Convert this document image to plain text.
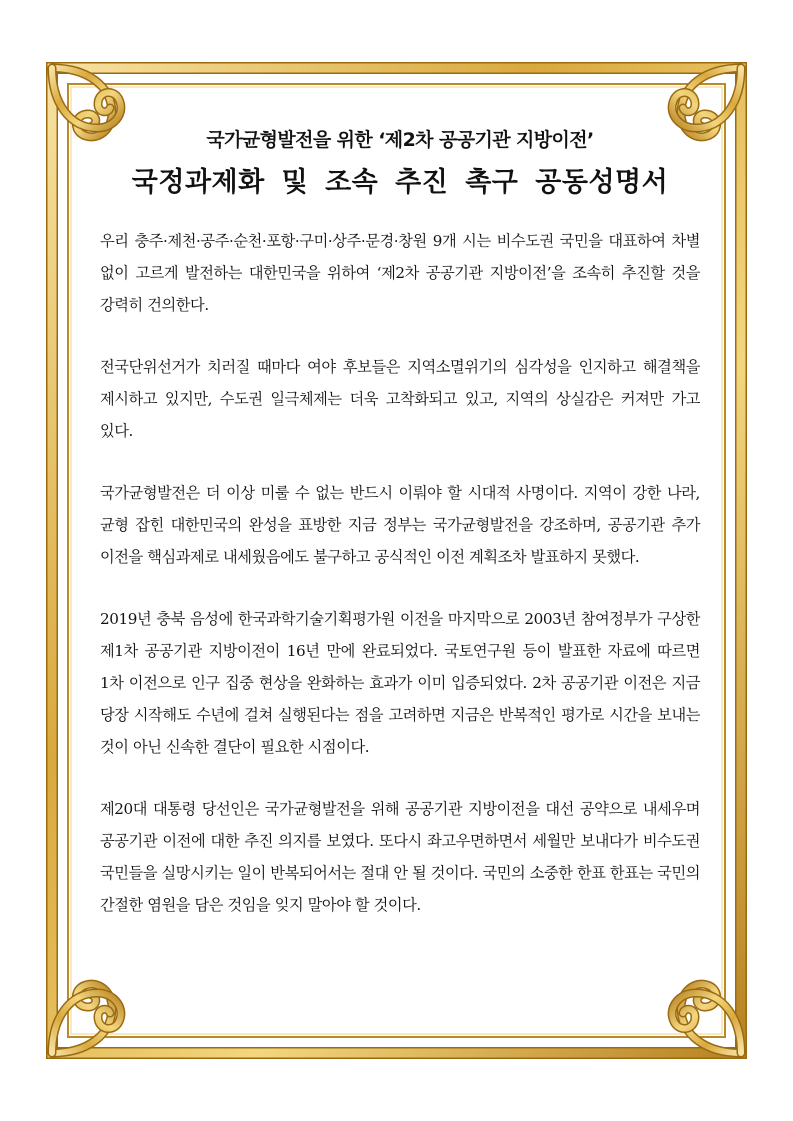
국가균형발전을 위한 ‘제2차 공공기관 지방이전’
국정과제화 및 조속 추진 촉구 공동성명서

우리 충주·제천·공주·순천·포항·구미·상주·문경·창원 9개 시는 비수도권 국민을 대표하여 차별 없이 고르게 발전하는 대한민국을 위하여 ‘제2차 공공기관 지방이전’을 조속히 추진할 것을 강력히 건의한다.

전국단위선거가 치러질 때마다 여야 후보들은 지역소멸위기의 심각성을 인지하고 해결책을 제시하고 있지만, 수도권 일극체제는 더욱 고착화되고 있고, 지역의 상실감은 커져만 가고 있다.

국가균형발전은 더 이상 미룰 수 없는 반드시 이뤄야 할 시대적 사명이다. 지역이 강한 나라, 균형 잡힌 대한민국의 완성을 표방한 지금 정부는 국가균형발전을 강조하며, 공공기관 추가 이전을 핵심과제로 내세웠음에도 불구하고 공식적인 이전 계획조차 발표하지 못했다.

2019년 충북 음성에 한국과학기술기획평가원 이전을 마지막으로 2003년 참여정부가 구상한 제1차 공공기관 지방이전이 16년 만에 완료되었다. 국토연구원 등이 발표한 자료에 따르면 1차 이전으로 인구 집중 현상을 완화하는 효과가 이미 입증되었다. 2차 공공기관 이전은 지금 당장 시작해도 수년에 걸쳐 실행된다는 점을 고려하면 지금은 반복적인 평가로 시간을 보내는 것이 아닌 신속한 결단이 필요한 시점이다.

제20대 대통령 당선인은 국가균형발전을 위해 공공기관 지방이전을 대선 공약으로 내세우며 공공기관 이전에 대한 추진 의지를 보였다. 또다시 좌고우면하면서 세월만 보내다가 비수도권 국민들을 실망시키는 일이 반복되어서는 절대 안 될 것이다. 국민의 소중한 한표 한표는 국민의 간절한 염원을 담은 것임을 잊지 말아야 할 것이다.
